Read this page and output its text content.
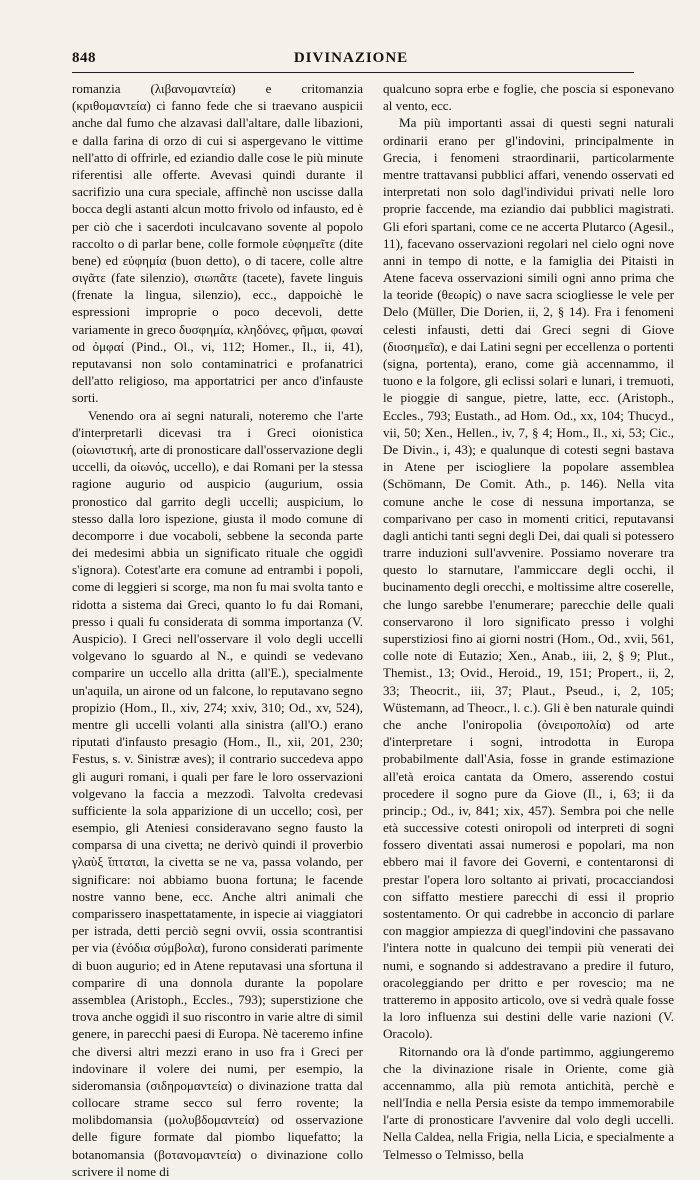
848	DIVINAZIONE

romanzia (λιβανομαντεία) e critomanzia (κριθομαντεία) ci fanno fede che si traevano auspicii anche dal fumo che alzavasi dall'altare, dalle libazioni, e dalla farina di orzo di cui si aspergevano le vittime nell'atto di offrirle, ed eziandio dalle cose le più minute riferentisi alle offerte. Avevasi quindi durante il sacrifizio una cura speciale, affinchè non uscisse dalla bocca degli astanti alcun motto frivolo od infausto, ed è per ciò che i sacerdoti inculcavano sovente al popolo raccolto o di parlar bene, colle formole εὐφημεῖτε (dite bene) ed εὐφημία (buon detto), o di tacere, colle altre σιγᾶτε (fate silenzio), σιωπᾶτε (tacete), favete linguis (frenate la lingua, silenzio), ecc., dappoichè le espressioni improprie o poco decevoli, dette variamente in greco δυσφημία, κληδόνες, φῆμαι, φωναί od ὀμφαί (Pind., Ol., vi, 112; Homer., Il., ii, 41), reputavansi non solo contaminatrici e profanatrici dell'atto religioso, ma apportatrici per anco d'infauste sorti.

Venendo ora ai segni naturali, noteremo che l'arte d'interpretarli dicevasi tra i Greci oionistica (οἰωνιστική, arte di pronosticare dall'osservazione degli uccelli, da οἰωνός, uccello), e dai Romani per la stessa ragione augurio od auspicio (augurium, ossia pronostico dal garrito degli uccelli; auspicium, lo stesso dalla loro ispezione, giusta il modo comune di decomporre i due vocaboli, sebbene la seconda parte dei medesimi abbia un significato rituale che oggidì s'ignora). Cotest'arte era comune ad entrambi i popoli, come di leggieri si scorge, ma non fu mai svolta tanto e ridotta a sistema dai Greci, quanto lo fu dai Romani, presso i quali fu considerata di somma importanza (V. Auspicio). I Greci nell'osservare il volo degli uccelli volgevano lo sguardo al N., e quindi se vedevano comparire un uccello alla dritta (all'E.), specialmente un'aquila, un airone od un falcone, lo reputavano segno propizio (Hom., Il., xiv, 274; xxiv, 310; Od., xv, 524), mentre gli uccelli volanti alla sinistra (all'O.) erano riputati d'infausto presagio (Hom., Il., xii, 201, 230; Festus, s. v. Sinistræ aves); il contrario succedeva appo gli auguri romani, i quali per fare le loro osservazioni volgevano la faccia a mezzodì. Talvolta credevasi sufficiente la sola apparizione di un uccello; così, per esempio, gli Ateniesi consideravano segno fausto la comparsa di una civetta; ne derivò quindi il proverbio γλαὺξ ἵπταται, la civetta se ne va, passa volando, per significare: noi abbiamo buona fortuna; le facende nostre vanno bene, ecc. Anche altri animali che comparissero inaspettatamente, in ispecie ai viaggiatori per istrada, detti perciò segni ovvii, ossia scontrantisi per via (ἐνόδια σύμβολα), furono considerati parimente di buon augurio; ed in Atene reputavasi una sfortuna il comparire di una donnola durante la popolare assemblea (Aristoph., Eccles., 793); superstizione che trova anche oggidì il suo riscontro in varie altre di simil genere, in parecchi paesi di Europa. Nè taceremo infine che diversi altri mezzi erano in uso fra i Greci per indovinare il volere dei numi, per esempio, la sideromansia (σιδηρομαντεία) o divinazione tratta dal collocare strame secco sul ferro rovente; la molibdomansia (μολυβδομαντεία) od osservazione delle figure formate dal piombo liquefatto; la botanomansia (βοτανομαντεία) o divinazione collo scrivere il nome di

qualcuno sopra erbe e foglie, che poscia si esponevano al vento, ecc.

Ma più importanti assai di questi segni naturali ordinarii erano per gl'indovini, principalmente in Grecia, i fenomeni straordinarii, particolarmente mentre trattavansi pubblici affari, venendo osservati ed interpretati non solo dagl'individui privati nelle loro proprie faccende, ma eziandio dai pubblici magistrati. Gli efori spartani, come ce ne accerta Plutarco (Agesil., 11), facevano osservazioni regolari nel cielo ogni nove anni in tempo di notte, e la famiglia dei Pitaisti in Atene faceva osservazioni simili ogni anno prima che la teoride (θεωρίς) o nave sacra sciogliesse le vele per Delo (Müller, Die Dorien, ii, 2, § 14). Fra i fenomeni celesti infausti, detti dai Greci segni di Giove (διοσημεῖα), e dai Latini segni per eccellenza o portenti (signa, portenta), erano, come già accennammo, il tuono e la folgore, gli eclissi solari e lunari, i tremuoti, le pioggie di sangue, pietre, latte, ecc. (Aristoph., Eccles., 793; Eustath., ad Hom. Od., xx, 104; Thucyd., vii, 50; Xen., Hellen., iv, 7, § 4; Hom., Il., xi, 53; Cic., De Divin., i, 43); e qualunque di cotesti segni bastava in Atene per isciogliere la popolare assemblea (Schömann, De Comit. Ath., p. 146). Nella vita comune anche le cose di nessuna importanza, se comparivano per caso in momenti critici, reputavansi dagli antichi tanti segni degli Dei, dai quali si potessero trarre induzioni sull'avvenire. Possiamo noverare tra questo lo starnutare, l'ammiccare degli occhi, il bucinamento degli orecchi, e moltissime altre coserelle, che lungo sarebbe l'enumerare; parecchie delle quali conservarono il loro significato presso i volghi superstiziosi fino ai giorni nostri (Hom., Od., xvii, 561, colle note di Eutazio; Xen., Anab., iii, 2, § 9; Plut., Themist., 13; Ovid., Heroid., 19, 151; Propert., ii, 2, 33; Theocrit., iii, 37; Plaut., Pseud., i, 2, 105; Wüstemann, ad Theocr., l. c.). Gli è ben naturale quindi che anche l'oniropolia (ὀνειροπολία) od arte d'interpretare i sogni, introdotta in Europa probabilmente dall'Asia, fosse in grande estimazione all'età eroica cantata da Omero, asserendo costui procedere il sogno pure da Giove (Il., i, 63; ii da princip.; Od., iv, 841; xix, 457). Sembra poi che nelle età successive cotesti oniropoli od interpreti di sogni fossero diventati assai numerosi e popolari, ma non ebbero mai il favore dei Governi, e contentaronsi di prestar l'opera loro soltanto ai privati, procacciandosi con siffatto mestiere parecchi di essi il proprio sostentamento. Or qui cadrebbe in acconcio di parlare con maggior ampiezza di quegl'indovini che passavano l'intera notte in qualcuno dei tempii più venerati dei numi, e sognando si addestravano a predire il futuro, oracoleggiando per dritto e per rovescio; ma ne tratteremo in apposito articolo, ove si vedrà quale fosse la loro influenza sui destini delle varie nazioni (V. Oracolo).

Ritornando ora là d'onde partimmo, aggiungeremo che la divinazione risale in Oriente, come già accennammo, alla più remota antichità, perchè e nell'India e nella Persia esiste da tempo immemorabile l'arte di pronosticare l'avvenire dal volo degli uccelli. Nella Caldea, nella Frigia, nella Licia, e specialmente a Telmesso o Telmisso, bella
